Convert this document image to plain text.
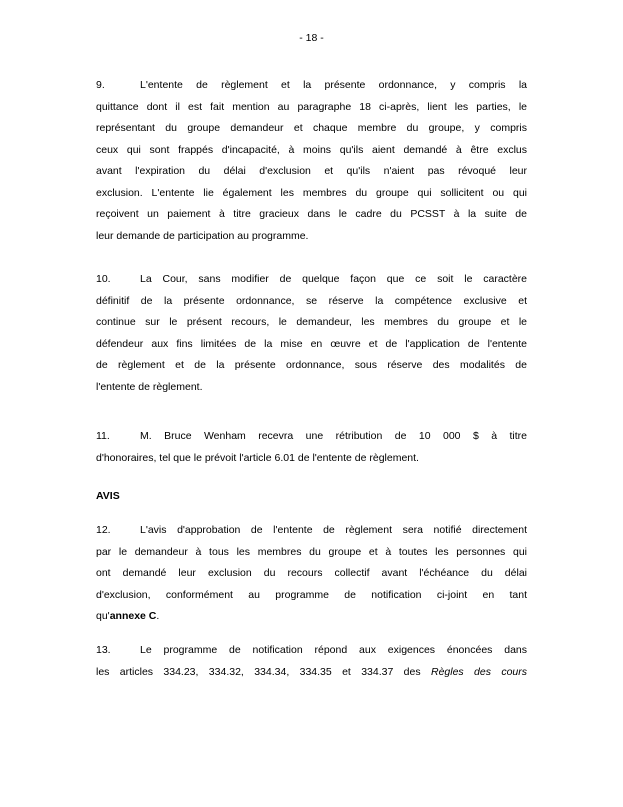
- 18 -
9.	L'entente de règlement et la présente ordonnance, y compris la
quittance dont il est fait mention au paragraphe 18 ci-après, lient les parties, le
représentant du groupe demandeur et chaque membre du groupe, y compris
ceux qui sont frappés d'incapacité, à moins qu'ils aient demandé à être exclus
avant l'expiration du délai d'exclusion et qu'ils n'aient pas révoqué leur
exclusion. L'entente lie également les membres du groupe qui sollicitent ou qui
reçoivent un paiement à titre gracieux dans le cadre du PCSST à la suite de
leur demande de participation au programme.
10.	La Cour, sans modifier de quelque façon que ce soit le caractère
définitif de la présente ordonnance, se réserve la compétence exclusive et
continue sur le présent recours, le demandeur, les membres du groupe et le
défendeur aux fins limitées de la mise en œuvre et de l'application de l'entente
de règlement et de la présente ordonnance, sous réserve des modalités de
l'entente de règlement.
11.	M. Bruce Wenham recevra une rétribution de 10 000 $ à titre
d'honoraires, tel que le prévoit l'article 6.01 de l'entente de règlement.
AVIS
12.	L'avis d'approbation de l'entente de règlement sera notifié directement
par le demandeur à tous les membres du groupe et à toutes les personnes qui
ont demandé leur exclusion du recours collectif avant l'échéance du délai
d'exclusion, conformément au programme de notification ci-joint en tant
qu'annexe C.
13.	Le programme de notification répond aux exigences énoncées dans
les articles 334.23, 334.32, 334.34, 334.35 et 334.37 des Règles des cours
